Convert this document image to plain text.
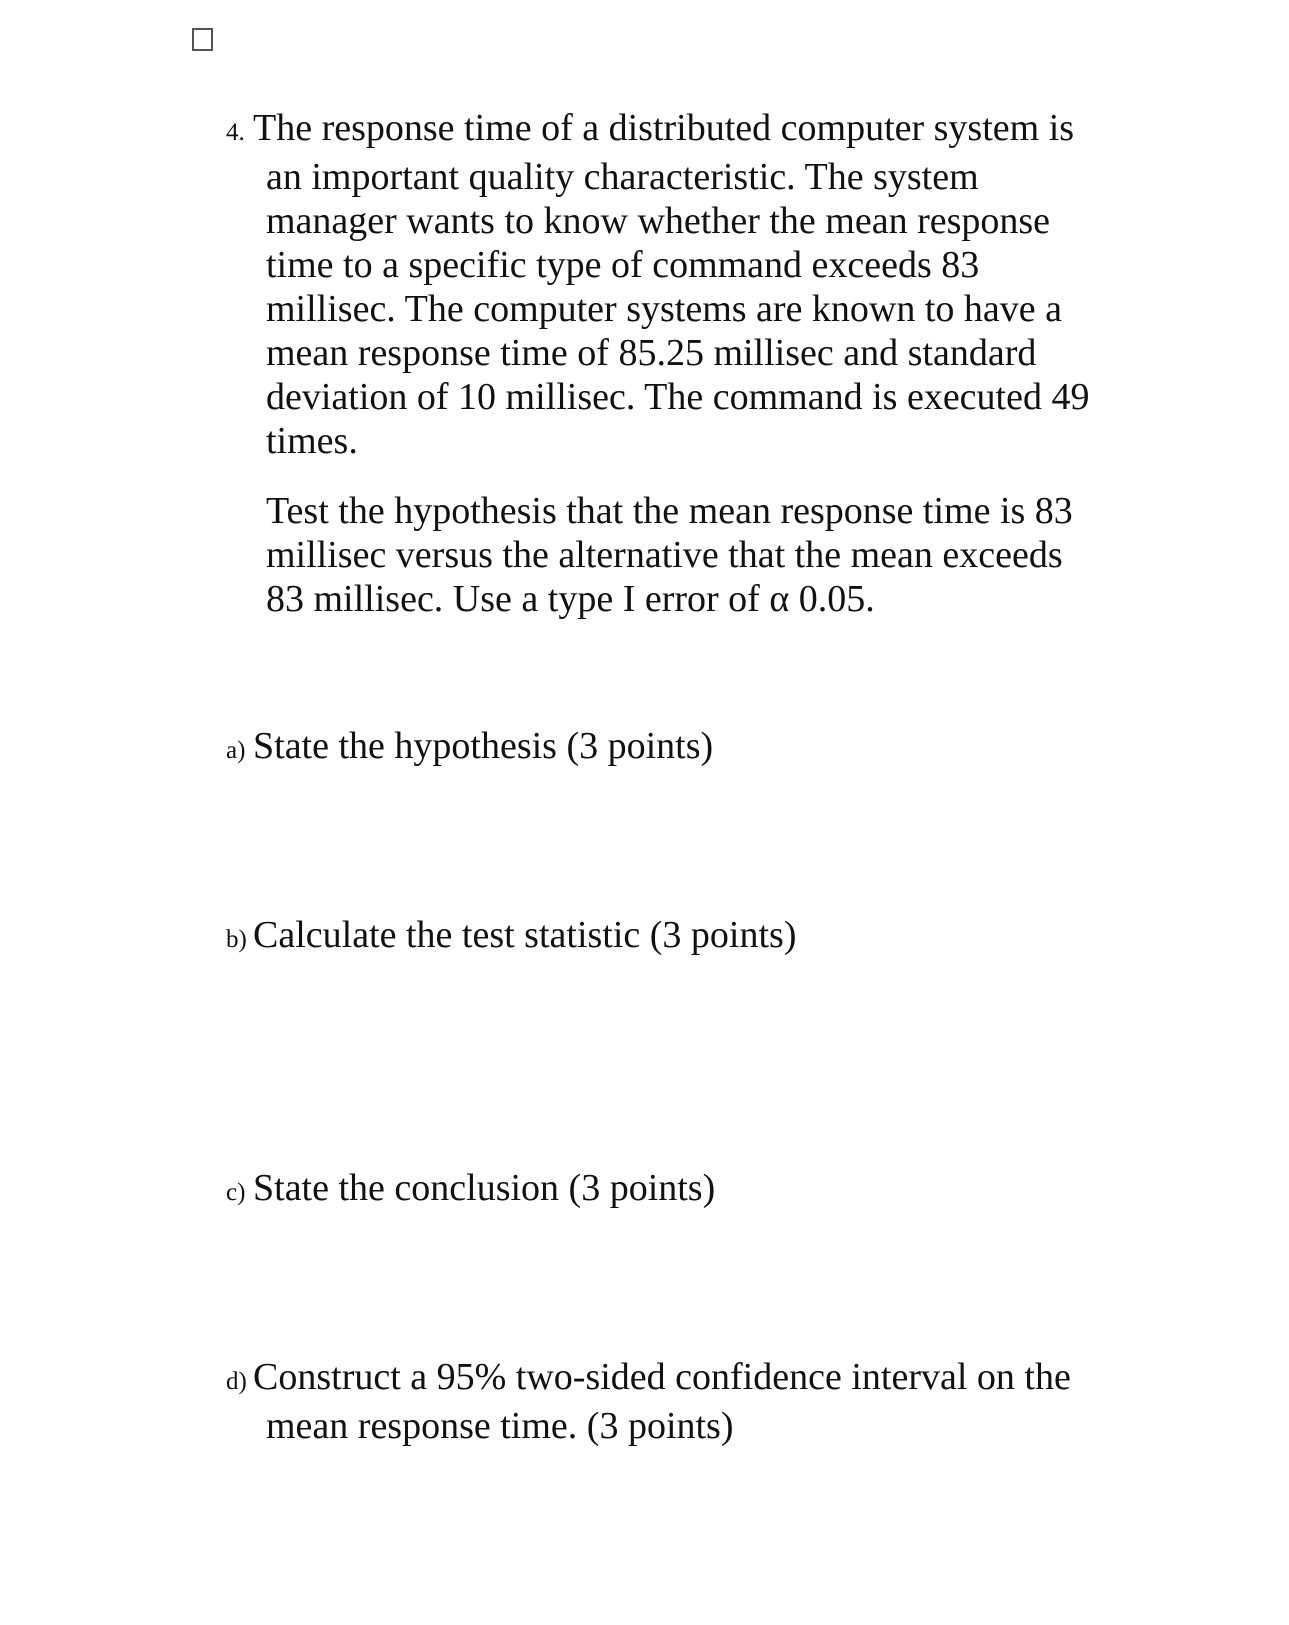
4. The response time of a distributed computer system is
an important quality characteristic. The system
manager wants to know whether the mean response
time to a specific type of command exceeds 83
millisec. The computer systems are known to have a
mean response time of 85.25 millisec and standard
deviation of 10 millisec. The command is executed 49
times.
Test the hypothesis that the mean response time is 83
millisec versus the alternative that the mean exceeds
83 millisec. Use a type I error of α 0.05.
a) State the hypothesis (3 points)
b) Calculate the test statistic (3 points)
c) State the conclusion (3 points)
d) Construct a 95% two-sided confidence interval on the
mean response time. (3 points)
